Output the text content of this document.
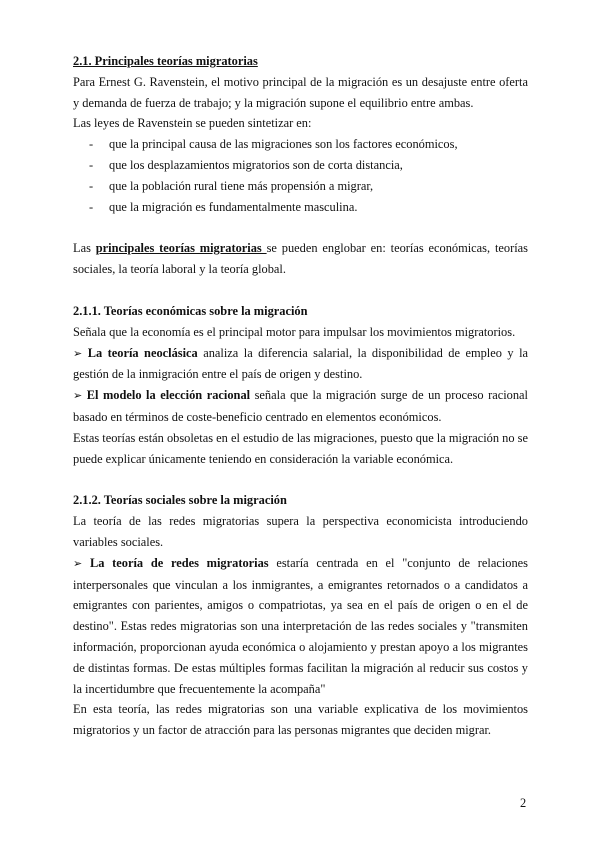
2.1. Principales teorías migratorias

Para Ernest G. Ravenstein, el motivo principal de la migración es un desajuste entre oferta y demanda de fuerza de trabajo; y la migración supone el equilibrio entre ambas.

Las leyes de Ravenstein se pueden sintetizar en:

-	que la principal causa de las migraciones son los factores económicos,
-	que los desplazamientos migratorios son de corta distancia,
-	que la población rural tiene más propensión a migrar,
-	que la migración es fundamentalmente masculina.

Las principales teorías migratorias se pueden englobar en: teorías económicas, teorías sociales, la teoría laboral y la teoría global.

2.1.1. Teorías económicas sobre la migración

Señala que la economía es el principal motor para impulsar los movimientos migratorios.

➢ La teoría neoclásica analiza la diferencia salarial, la disponibilidad de empleo y la gestión de la inmigración entre el país de origen y destino.

➢ El modelo la elección racional señala que la migración surge de un proceso racional basado en términos de coste-beneficio centrado en elementos económicos.

Estas teorías están obsoletas en el estudio de las migraciones, puesto que la migración no se puede explicar únicamente teniendo en consideración la variable económica.

2.1.2. Teorías sociales sobre la migración

La teoría de las redes migratorias supera la perspectiva economicista introduciendo variables sociales.

➢ La teoría de redes migratorias estaría centrada en el "conjunto de relaciones interpersonales que vinculan a los inmigrantes, a emigrantes retornados o a candidatos a emigrantes con parientes, amigos o compatriotas, ya sea en el país de origen o en el de destino". Estas redes migratorias son una interpretación de las redes sociales y "transmiten información, proporcionan ayuda económica o alojamiento y prestan apoyo a los migrantes de distintas formas. De estas múltiples formas facilitan la migración al reducir sus costos y la incertidumbre que frecuentemente la acompaña"

En esta teoría, las redes migratorias son una variable explicativa de los movimientos migratorios y un factor de atracción para las personas migrantes que deciden migrar.

2
